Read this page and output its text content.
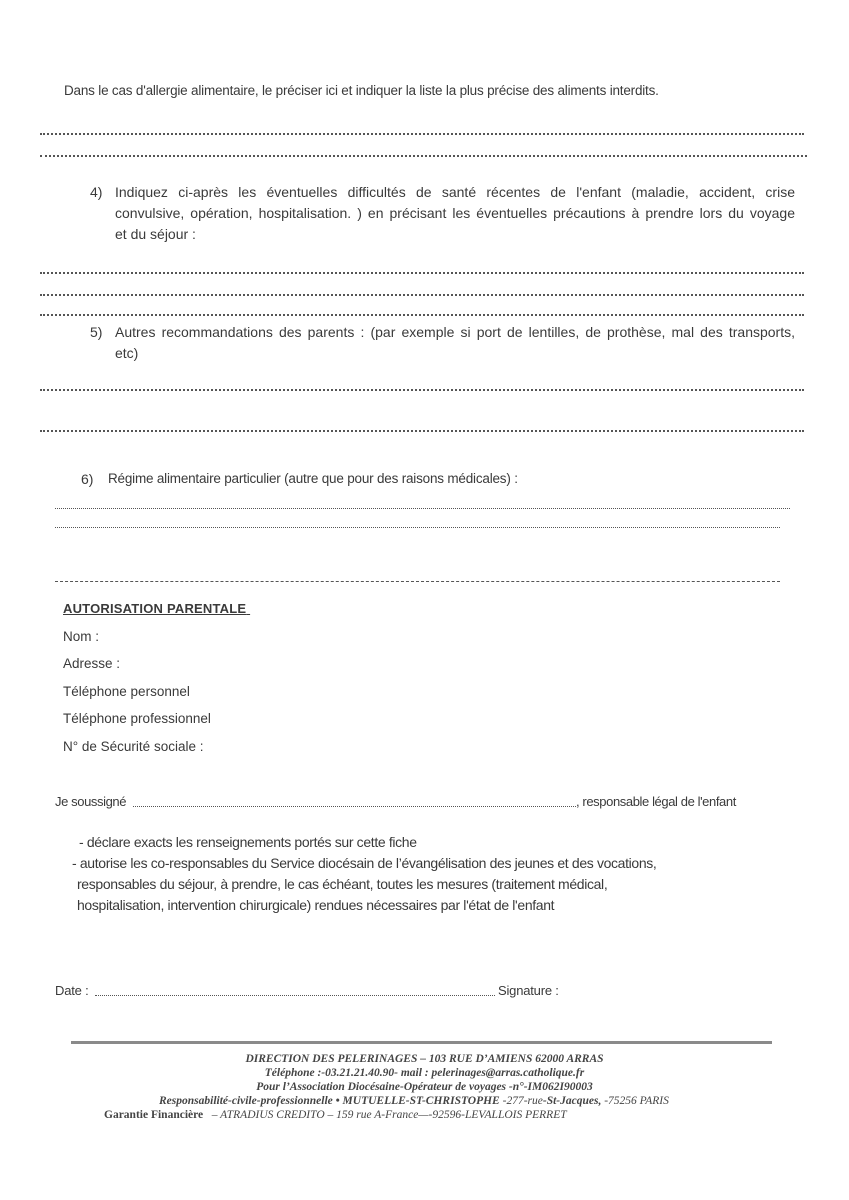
Dans le cas d'allergie alimentaire, le préciser ici et indiquer la liste la plus précise des aliments interdits.
4) Indiquez ci-après les éventuelles difficultés de santé récentes de l'enfant (maladie, accident, crise
convulsive, opération, hospitalisation. ) en précisant les éventuelles précautions à prendre lors du voyage
et du séjour :
5) Autres recommandations des parents : (par exemple si port de lentilles, de prothèse, mal des transports,
etc)
6) Régime alimentaire particulier (autre que pour des raisons médicales) :
AUTORISATION PARENTALE
Nom :
Adresse :
Téléphone personnel
Téléphone professionnel
N° de Sécurité sociale :
Je soussigné	, responsable légal de l'enfant
- déclare exacts les renseignements portés sur cette fiche
- autorise les co-responsables du Service diocésain de l’évangélisation des jeunes et des vocations,
responsables du séjour, à prendre, le cas échéant, toutes les mesures (traitement médical,
hospitalisation, intervention chirurgicale) rendues nécessaires par l'état de l'enfant
Date :	Signature :
DIRECTION DES PELERINAGES – 103 RUE D’AMIENS 62000 ARRAS
Téléphone :-03.21.21.40.90- mail : pelerinages@arras.catholique.fr
Pour l’Association Diocésaine-Opérateur de voyages -n°-IM062I90003
Responsabilité-civile-professionnelle • MUTUELLE-ST-CHRISTOPHE -277-rue-St-Jacques, -75256 PARIS
Garantie Financière – ATRADIUS CREDITO – 159 rue A-France—-92596-LEVALLOIS PERRET
